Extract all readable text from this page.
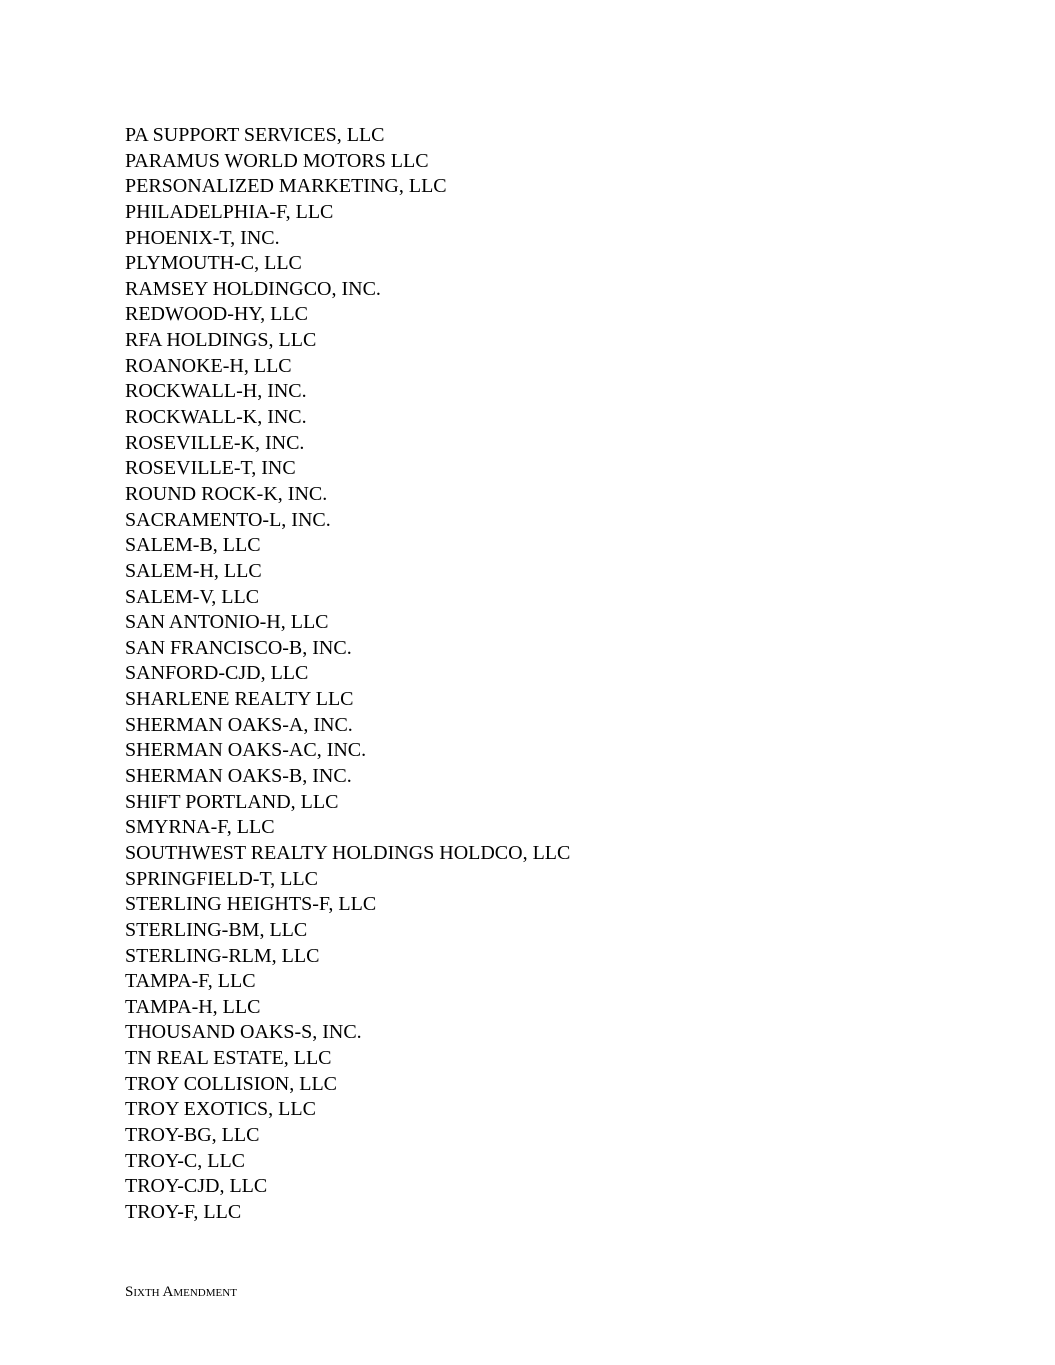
PA SUPPORT SERVICES, LLC
PARAMUS WORLD MOTORS LLC
PERSONALIZED MARKETING, LLC
PHILADELPHIA-F, LLC
PHOENIX-T, INC.
PLYMOUTH-C, LLC
RAMSEY HOLDINGCO, INC.
REDWOOD-HY, LLC
RFA HOLDINGS, LLC
ROANOKE-H, LLC
ROCKWALL-H, INC.
ROCKWALL-K, INC.
ROSEVILLE-K, INC.
ROSEVILLE-T, INC
ROUND ROCK-K, INC.
SACRAMENTO-L, INC.
SALEM-B, LLC
SALEM-H, LLC
SALEM-V, LLC
SAN ANTONIO-H, LLC
SAN FRANCISCO-B, INC.
SANFORD-CJD, LLC
SHARLENE REALTY LLC
SHERMAN OAKS-A, INC.
SHERMAN OAKS-AC, INC.
SHERMAN OAKS-B, INC.
SHIFT PORTLAND, LLC
SMYRNA-F, LLC
SOUTHWEST REALTY HOLDINGS HOLDCO, LLC
SPRINGFIELD-T, LLC
STERLING HEIGHTS-F, LLC
STERLING-BM, LLC
STERLING-RLM, LLC
TAMPA-F, LLC
TAMPA-H, LLC
THOUSAND OAKS-S, INC.
TN REAL ESTATE, LLC
TROY COLLISION, LLC
TROY EXOTICS, LLC
TROY-BG, LLC
TROY-C, LLC
TROY-CJD, LLC
TROY-F, LLC
Sixth Amendment
